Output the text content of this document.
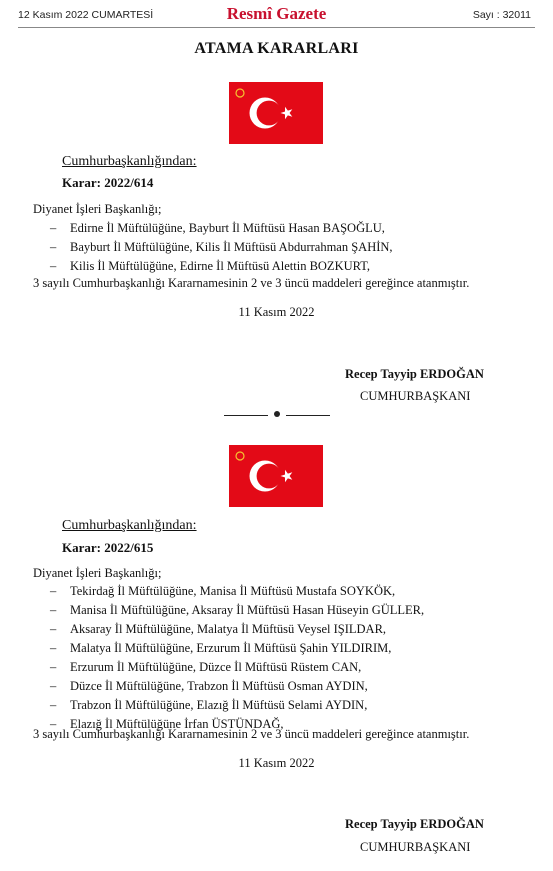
12 Kasım 2022 CUMARTESİ	Resmî Gazete	Sayı : 32011
ATAMA KARARLARI
Cumhurbaşkanlığından:
Karar: 2022/614
Diyanet İşleri Başkanlığı;
– Edirne İl Müftülüğüne, Bayburt İl Müftüsü Hasan BAŞOĞLU,
– Bayburt İl Müftülüğüne, Kilis İl Müftüsü Abdurrahman ŞAHİN,
– Kilis İl Müftülüğüne, Edirne İl Müftüsü Alettin BOZKURT,
3 sayılı Cumhurbaşkanlığı Kararnamesinin 2 ve 3 üncü maddeleri gereğince atanmıştır.
11 Kasım 2022
Recep Tayyip ERDOĞAN
CUMHURBAŞKANI
Cumhurbaşkanlığından:
Karar: 2022/615
Diyanet İşleri Başkanlığı;
– Tekirdağ İl Müftülüğüne, Manisa İl Müftüsü Mustafa SOYKÖK,
– Manisa İl Müftülüğüne, Aksaray İl Müftüsü Hasan Hüseyin GÜLLER,
– Aksaray İl Müftülüğüne, Malatya İl Müftüsü Veysel IŞILDAR,
– Malatya İl Müftülüğüne, Erzurum İl Müftüsü Şahin YILDIRIM,
– Erzurum İl Müftülüğüne, Düzce İl Müftüsü Rüstem CAN,
– Düzce İl Müftülüğüne, Trabzon İl Müftüsü Osman AYDIN,
– Trabzon İl Müftülüğüne, Elazığ İl Müftüsü Selami AYDIN,
– Elazığ İl Müftülüğüne İrfan ÜSTÜNDAĞ,
3 sayılı Cumhurbaşkanlığı Kararnamesinin 2 ve 3 üncü maddeleri gereğince atanmıştır.
11 Kasım 2022
Recep Tayyip ERDOĞAN
CUMHURBAŞKANI
